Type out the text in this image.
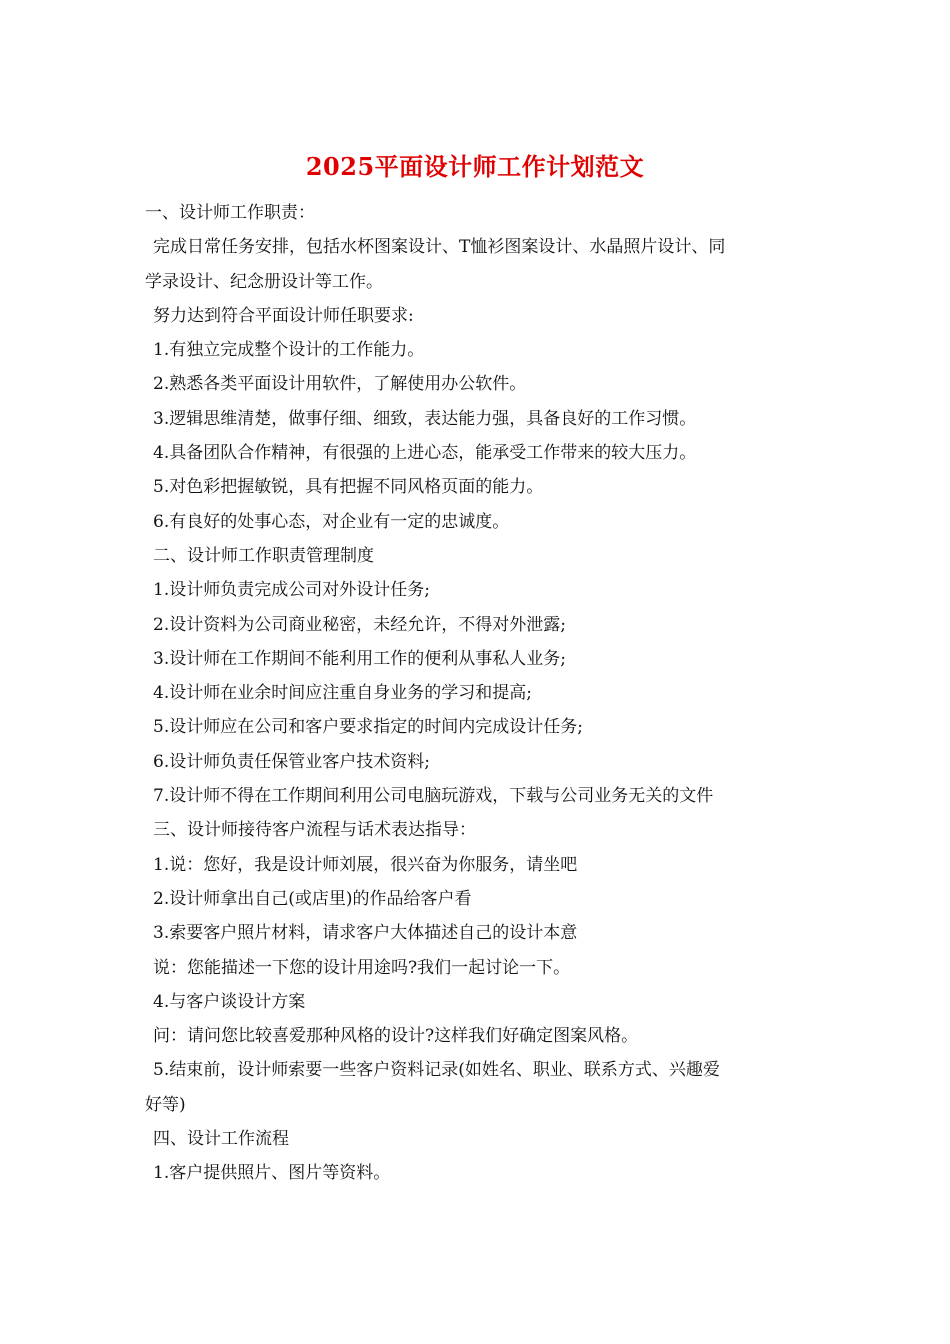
2025平面设计师工作计划范文
一、设计师工作职责：
完成日常任务安排，包括水杯图案设计、T恤衫图案设计、水晶照片设计、同
学录设计、纪念册设计等工作。
努力达到符合平面设计师任职要求:
1.有独立完成整个设计的工作能力。
2.熟悉各类平面设计用软件，了解使用办公软件。
3.逻辑思维清楚，做事仔细、细致，表达能力强，具备良好的工作习惯。
4.具备团队合作精神，有很强的上进心态，能承受工作带来的较大压力。
5.对色彩把握敏锐，具有把握不同风格页面的能力。
6.有良好的处事心态，对企业有一定的忠诚度。
二、设计师工作职责管理制度
1.设计师负责完成公司对外设计任务;
2.设计资料为公司商业秘密，未经允许，不得对外泄露;
3.设计师在工作期间不能利用工作的便利从事私人业务;
4.设计师在业余时间应注重自身业务的学习和提高;
5.设计师应在公司和客户要求指定的时间内完成设计任务;
6.设计师负责任保管业客户技术资料;
7.设计师不得在工作期间利用公司电脑玩游戏，下载与公司业务无关的文件
三、设计师接待客户流程与话术表达指导：
1.说：您好，我是设计师刘展，很兴奋为你服务，请坐吧
2.设计师拿出自己(或店里)的作品给客户看
3.索要客户照片材料，请求客户大体描述自己的设计本意
说：您能描述一下您的设计用途吗?我们一起讨论一下。
4.与客户谈设计方案
问：请问您比较喜爱那种风格的设计?这样我们好确定图案风格。
5.结束前，设计师索要一些客户资料记录(如姓名、职业、联系方式、兴趣爱
好等)
四、设计工作流程
1.客户提供照片、图片等资料。
